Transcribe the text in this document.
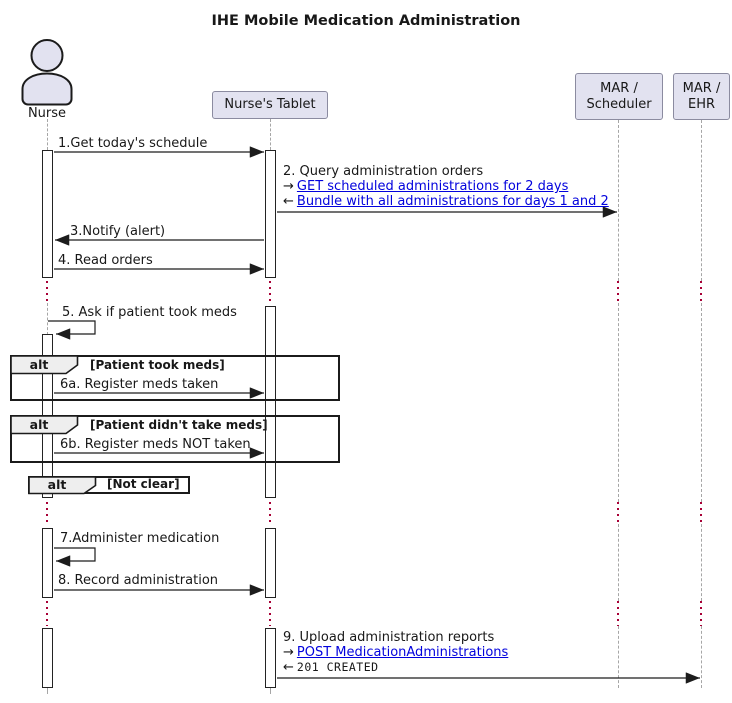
alt
alt
alt
[Patient took meds]
[Patient didn't take meds]
[Not clear]
1.Get today's schedule
2. Query administration orders
→ GET scheduled administrations for 2 days
← Bundle with all administrations for days 1 and 2
3.Notify (alert)
4. Read orders
5. Ask if patient took meds
6a. Register meds taken
6b. Register meds NOT taken
7.Administer medication
8. Record administration
9. Upload administration reports
→ POST MedicationAdministrations
← 201 CREATED
Nurse
Nurse's Tablet
MAR /
Scheduler
MAR /
EHR
IHE Mobile Medication Administration
